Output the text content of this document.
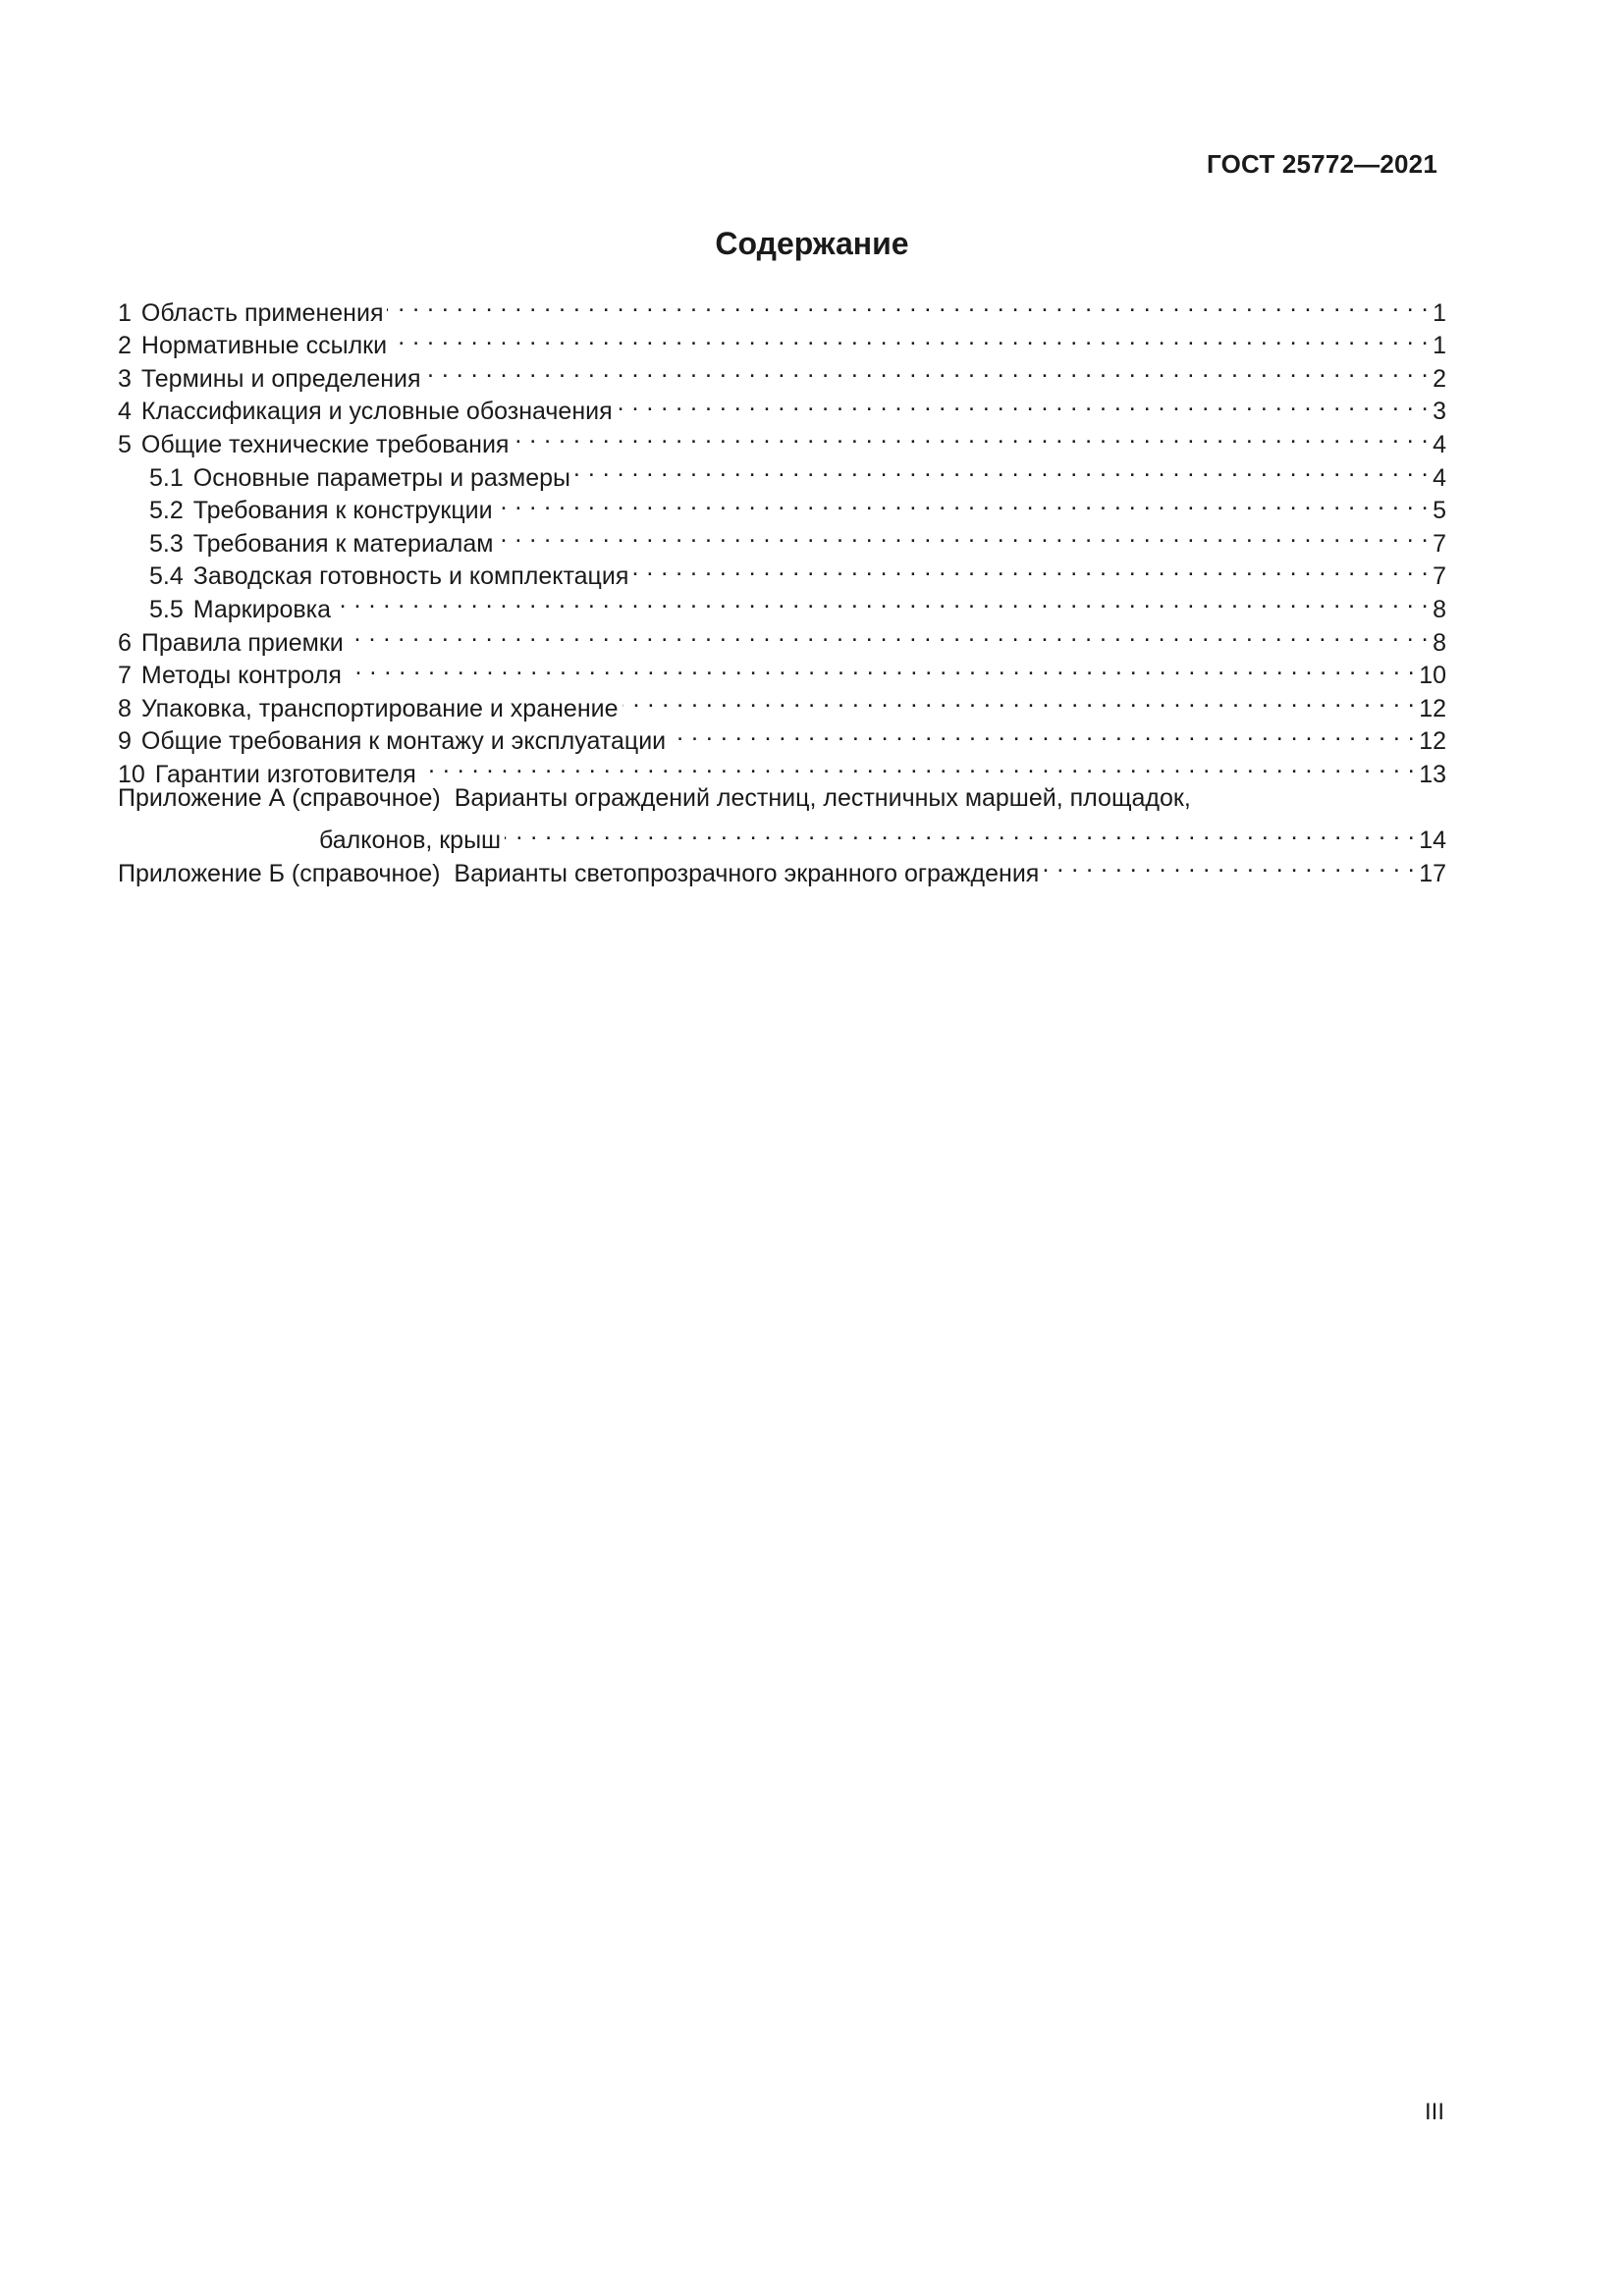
ГОСТ 25772—2021
Содержание
1 Область применения . . .	1
2 Нормативные ссылки . . .	1
3 Термины и определения . . .	2
4 Классификация и условные обозначения . . .	3
5 Общие технические требования . . .	4
5.1 Основные параметры и размеры . . .	4
5.2 Требования к конструкции . . .	5
5.3 Требования к материалам . . .	7
5.4 Заводская готовность и комплектация . . .	7
5.5 Маркировка . . .	8
6 Правила приемки . . .	8
7 Методы контроля . . .	10
8 Упаковка, транспортирование и хранение . . .	12
9 Общие требования к монтажу и эксплуатации . . .	12
10 Гарантии изготовителя . . .	13
Приложение А (справочное) Варианты ограждений лестниц, лестничных маршей, площадок,
балконов, крыш . . .	14
Приложение Б (справочное) Варианты светопрозрачного экранного ограждения . . .	17
III
